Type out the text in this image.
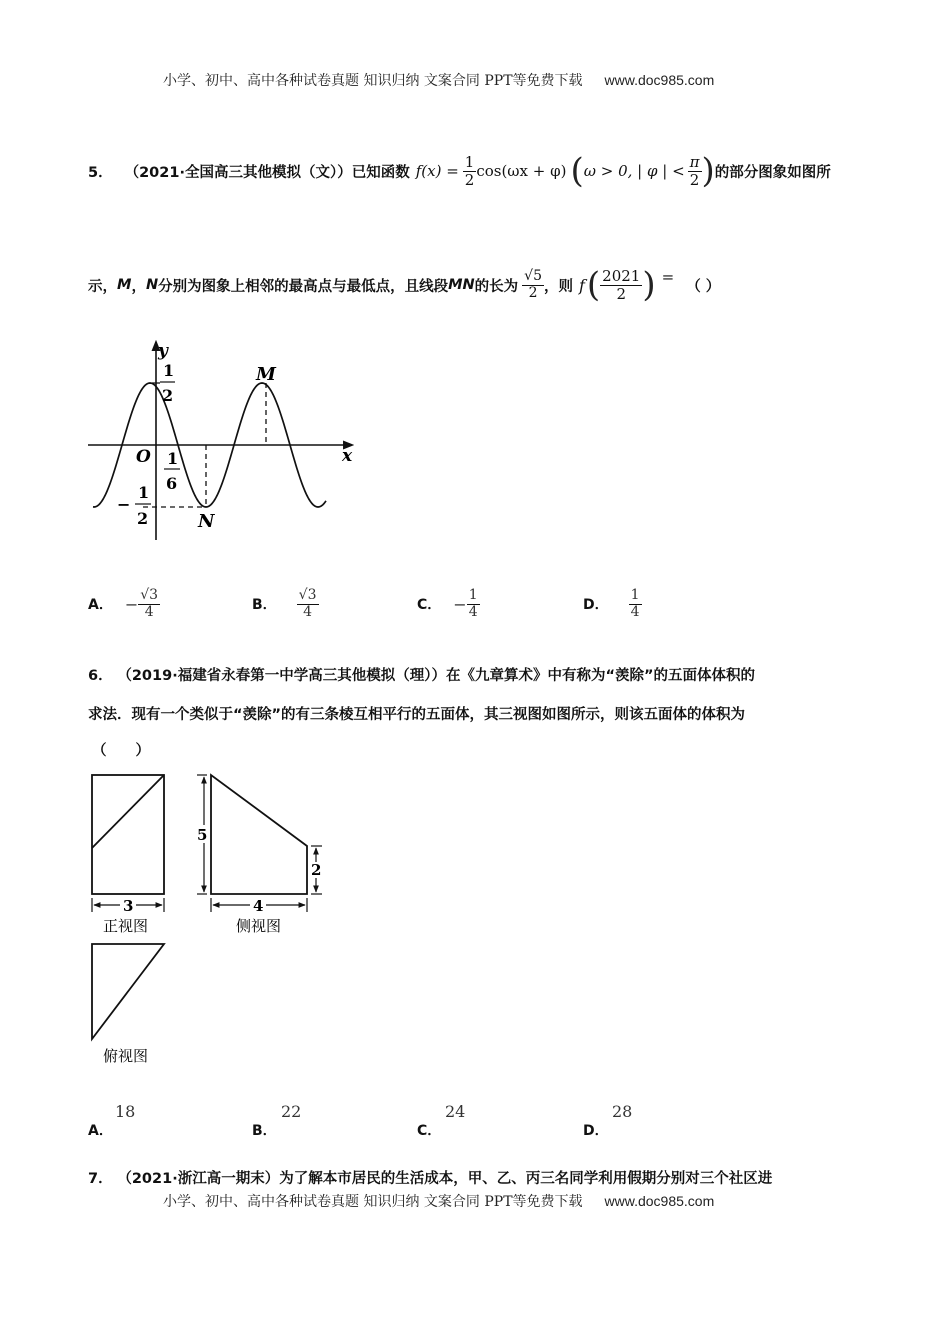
小学、初中、高中各种试卷真题 知识归纳 文案合同 PPT等免费下载 www.doc985.com
5． （2021·全国高三其他模拟（文）） 已知函数 $f(x) = \frac{1}{2} \cos(\omega x + \varphi)$ ( ω > 0, | φ | < $\frac{\pi}{2}$ ) 的部分图象如图所
示， M ， N 分别为图象上相邻的最高点与最低点，且线段 MN 的长为 $\frac{√5}{2}$ ，则 f ( $\frac{2021}{2}$ ) =
（ ）
y
x
O
1
2
1
6
−
1
2
M
N
A． − $\frac{√3}{4}$	B． $\frac{√3}{4}$	C． − $\frac{1}{4}$	D． $\frac{1}{4}$
6． （2019·福建省永春第一中学高三其他模拟（理））在《九章算术》中有称为“羡除”的五面体体积的
求法．现有一个类似于“羡除”的有三条棱互相平行的五面体，其三视图如图所示，则该五面体的体积为
（　　）
3
5
2
4
正视图	侧视图
俯视图
A．
18
B．
22
C．
24
D．
28
7． （2021·浙江高一期末）为了解本市居民的生活成本，甲、乙、丙三名同学利用假期分别对三个社区进
小学、初中、高中各种试卷真题 知识归纳 文案合同 PPT等免费下载 www.doc985.com
